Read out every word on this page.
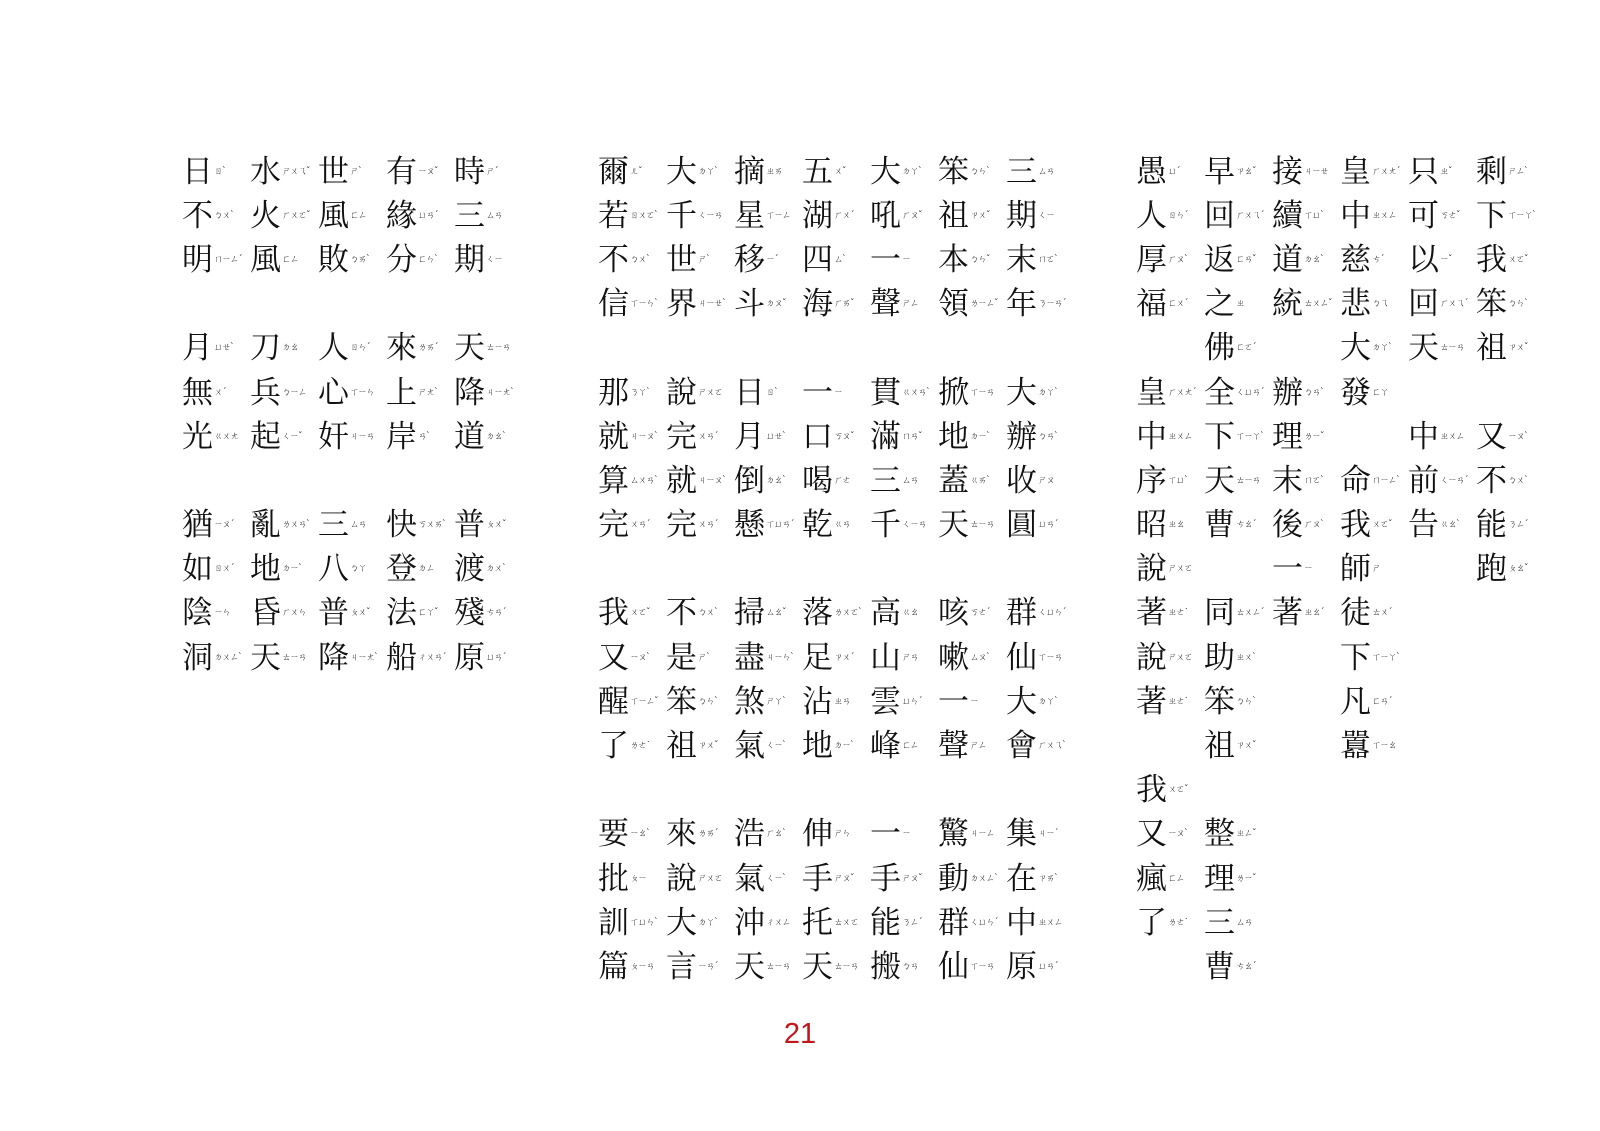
愚 ㄩˊ
人 ㄖㄣˊ
厚 ㄏㄡˋ
福 ㄈㄨˊ
皇 ㄏㄨㄤˊ
中 ㄓㄨㄥ
序 ㄒㄩˋ
昭 ㄓㄠ
說 ㄕㄨㄛ
著 ㄓㄜ˙
說 ㄕㄨㄛ
著 ㄓㄜ˙
我 ㄨㄛˇ
又 ㄧㄡˋ
瘋 ㄈㄥ
了 ㄌㄜ˙
早 ㄗㄠˇ
回 ㄏㄨㄟˊ
返 ㄈㄢˇ
之 ㄓ
佛 ㄈㄛˊ
全 ㄑㄩㄢˊ
下 ㄒㄧㄚˋ
天 ㄊㄧㄢ
曹 ㄘㄠˊ
同 ㄊㄨㄥˊ
助 ㄓㄨˋ
笨 ㄅㄣˋ
祖 ㄗㄨˇ
整 ㄓㄥˇ
理 ㄌㄧˇ
三 ㄙㄢ
曹 ㄘㄠˊ
接 ㄐㄧㄝ
續 ㄒㄩˋ
道 ㄉㄠˋ
統 ㄊㄨㄥˇ
辦 ㄅㄢˋ
理 ㄌㄧˇ
末 ㄇㄛˋ
後 ㄏㄡˋ
一 ㄧ
著 ㄓㄠˊ
皇 ㄏㄨㄤˊ
中 ㄓㄨㄥ
慈 ㄘˊ
悲 ㄅㄟ
大 ㄉㄚˋ
發 ㄈㄚ
命 ㄇㄧㄥˋ
我 ㄨㄛˇ
師 ㄕ
徒 ㄊㄨˊ
下 ㄒㄧㄚˋ
凡 ㄈㄢˊ
囂 ㄒㄧㄠ
只 ㄓˇ
可 ㄎㄜˇ
以 ㄧˇ
回 ㄏㄨㄟˊ
天 ㄊㄧㄢ
中 ㄓㄨㄥ
前 ㄑㄧㄢˊ
告 ㄍㄠˋ
剩 ㄕㄥˋ
下 ㄒㄧㄚˋ
我 ㄨㄛˇ
笨 ㄅㄣˋ
祖 ㄗㄨˇ
又 ㄧㄡˋ
不 ㄅㄨˋ
能 ㄋㄥˊ
跑 ㄆㄠˇ
爾 ㄦˇ
若 ㄖㄨㄛˋ
不 ㄅㄨˋ
信 ㄒㄧㄣˋ
那 ㄋㄚˋ
就 ㄐㄧㄡˋ
算 ㄙㄨㄢˋ
完 ㄨㄢˊ
我 ㄨㄛˇ
又 ㄧㄡˋ
醒 ㄒㄧㄥˇ
了 ㄌㄜ˙
要 ㄧㄠˋ
批 ㄆㄧ
訓 ㄒㄩㄣˋ
篇 ㄆㄧㄢ
大 ㄉㄚˋ
千 ㄑㄧㄢ
世 ㄕˋ
界 ㄐㄧㄝˋ
說 ㄕㄨㄛ
完 ㄨㄢˊ
就 ㄐㄧㄡˋ
完 ㄨㄢˊ
不 ㄅㄨˋ
是 ㄕˋ
笨 ㄅㄣˋ
祖 ㄗㄨˇ
來 ㄌㄞˊ
說 ㄕㄨㄛ
大 ㄉㄚˋ
言 ㄧㄢˊ
摘 ㄓㄞ
星 ㄒㄧㄥ
移 ㄧˊ
斗 ㄉㄡˇ
日 ㄖˋ
月 ㄩㄝˋ
倒 ㄉㄠˋ
懸 ㄒㄩㄢˊ
掃 ㄙㄠˇ
盡 ㄐㄧㄣˋ
煞 ㄕㄚˋ
氣 ㄑㄧˋ
浩 ㄏㄠˋ
氣 ㄑㄧˋ
沖 ㄔㄨㄥ
天 ㄊㄧㄢ
五 ㄨˇ
湖 ㄏㄨˊ
四 ㄙˋ
海 ㄏㄞˇ
一 ㄧ
口 ㄎㄡˇ
喝 ㄏㄜ
乾 ㄍㄢ
落 ㄌㄨㄛˋ
足 ㄗㄨˊ
沾 ㄓㄢ
地 ㄉㄧˋ
伸 ㄕㄣ
手 ㄕㄡˇ
托 ㄊㄨㄛ
天 ㄊㄧㄢ
大 ㄉㄚˋ
吼 ㄏㄡˇ
一 ㄧ
聲 ㄕㄥ
貫 ㄍㄨㄢˋ
滿 ㄇㄢˇ
三 ㄙㄢ
千 ㄑㄧㄢ
高 ㄍㄠ
山 ㄕㄢ
雲 ㄩㄣˊ
峰 ㄈㄥ
一 ㄧ
手 ㄕㄡˇ
能 ㄋㄥˊ
搬 ㄅㄢ
笨 ㄅㄣˋ
祖 ㄗㄨˇ
本 ㄅㄣˇ
領 ㄌㄧㄥˇ
掀 ㄒㄧㄢ
地 ㄉㄧˋ
蓋 ㄍㄞˋ
天 ㄊㄧㄢ
咳 ㄎㄜˊ
嗽 ㄙㄡˋ
一 ㄧ
聲 ㄕㄥ
驚 ㄐㄧㄥ
動 ㄉㄨㄥˋ
群 ㄑㄩㄣˊ
仙 ㄒㄧㄢ
三 ㄙㄢ
期 ㄑㄧ
末 ㄇㄛˋ
年 ㄋㄧㄢˊ
大 ㄉㄚˋ
辦 ㄅㄢˋ
收 ㄕㄡ
圓 ㄩㄢˊ
群 ㄑㄩㄣˊ
仙 ㄒㄧㄢ
大 ㄉㄚˋ
會 ㄏㄨㄟˋ
集 ㄐㄧˊ
在 ㄗㄞˋ
中 ㄓㄨㄥ
原 ㄩㄢˊ
日 ㄖˋ
不 ㄅㄨˋ
明 ㄇㄧㄥˊ
月 ㄩㄝˋ
無 ㄨˊ
光 ㄍㄨㄤ
猶 ㄧㄡˊ
如 ㄖㄨˊ
陰 ㄧㄣ
洞 ㄉㄨㄥˋ
水 ㄕㄨㄟˇ
火 ㄏㄨㄛˇ
風 ㄈㄥ
刀 ㄉㄠ
兵 ㄅㄧㄥ
起 ㄑㄧˇ
亂 ㄌㄨㄢˋ
地 ㄉㄧˋ
昏 ㄏㄨㄣ
天 ㄊㄧㄢ
世 ㄕˋ
風 ㄈㄥ
敗 ㄅㄞˋ
人 ㄖㄣˊ
心 ㄒㄧㄣ
奸 ㄐㄧㄢ
三 ㄙㄢ
八 ㄅㄚ
普 ㄆㄨˇ
降 ㄐㄧㄤˋ
有 ㄧㄡˇ
緣 ㄩㄢˊ
分 ㄈㄣˋ
來 ㄌㄞˊ
上 ㄕㄤˋ
岸 ㄢˋ
快 ㄎㄨㄞˋ
登 ㄉㄥ
法 ㄈㄚˇ
船 ㄔㄨㄢˊ
時 ㄕˊ
三 ㄙㄢ
期 ㄑㄧ
天 ㄊㄧㄢ
降 ㄐㄧㄤˋ
道 ㄉㄠˋ
普 ㄆㄨˇ
渡 ㄉㄨˋ
殘 ㄘㄢˊ
原 ㄩㄢˊ
21
